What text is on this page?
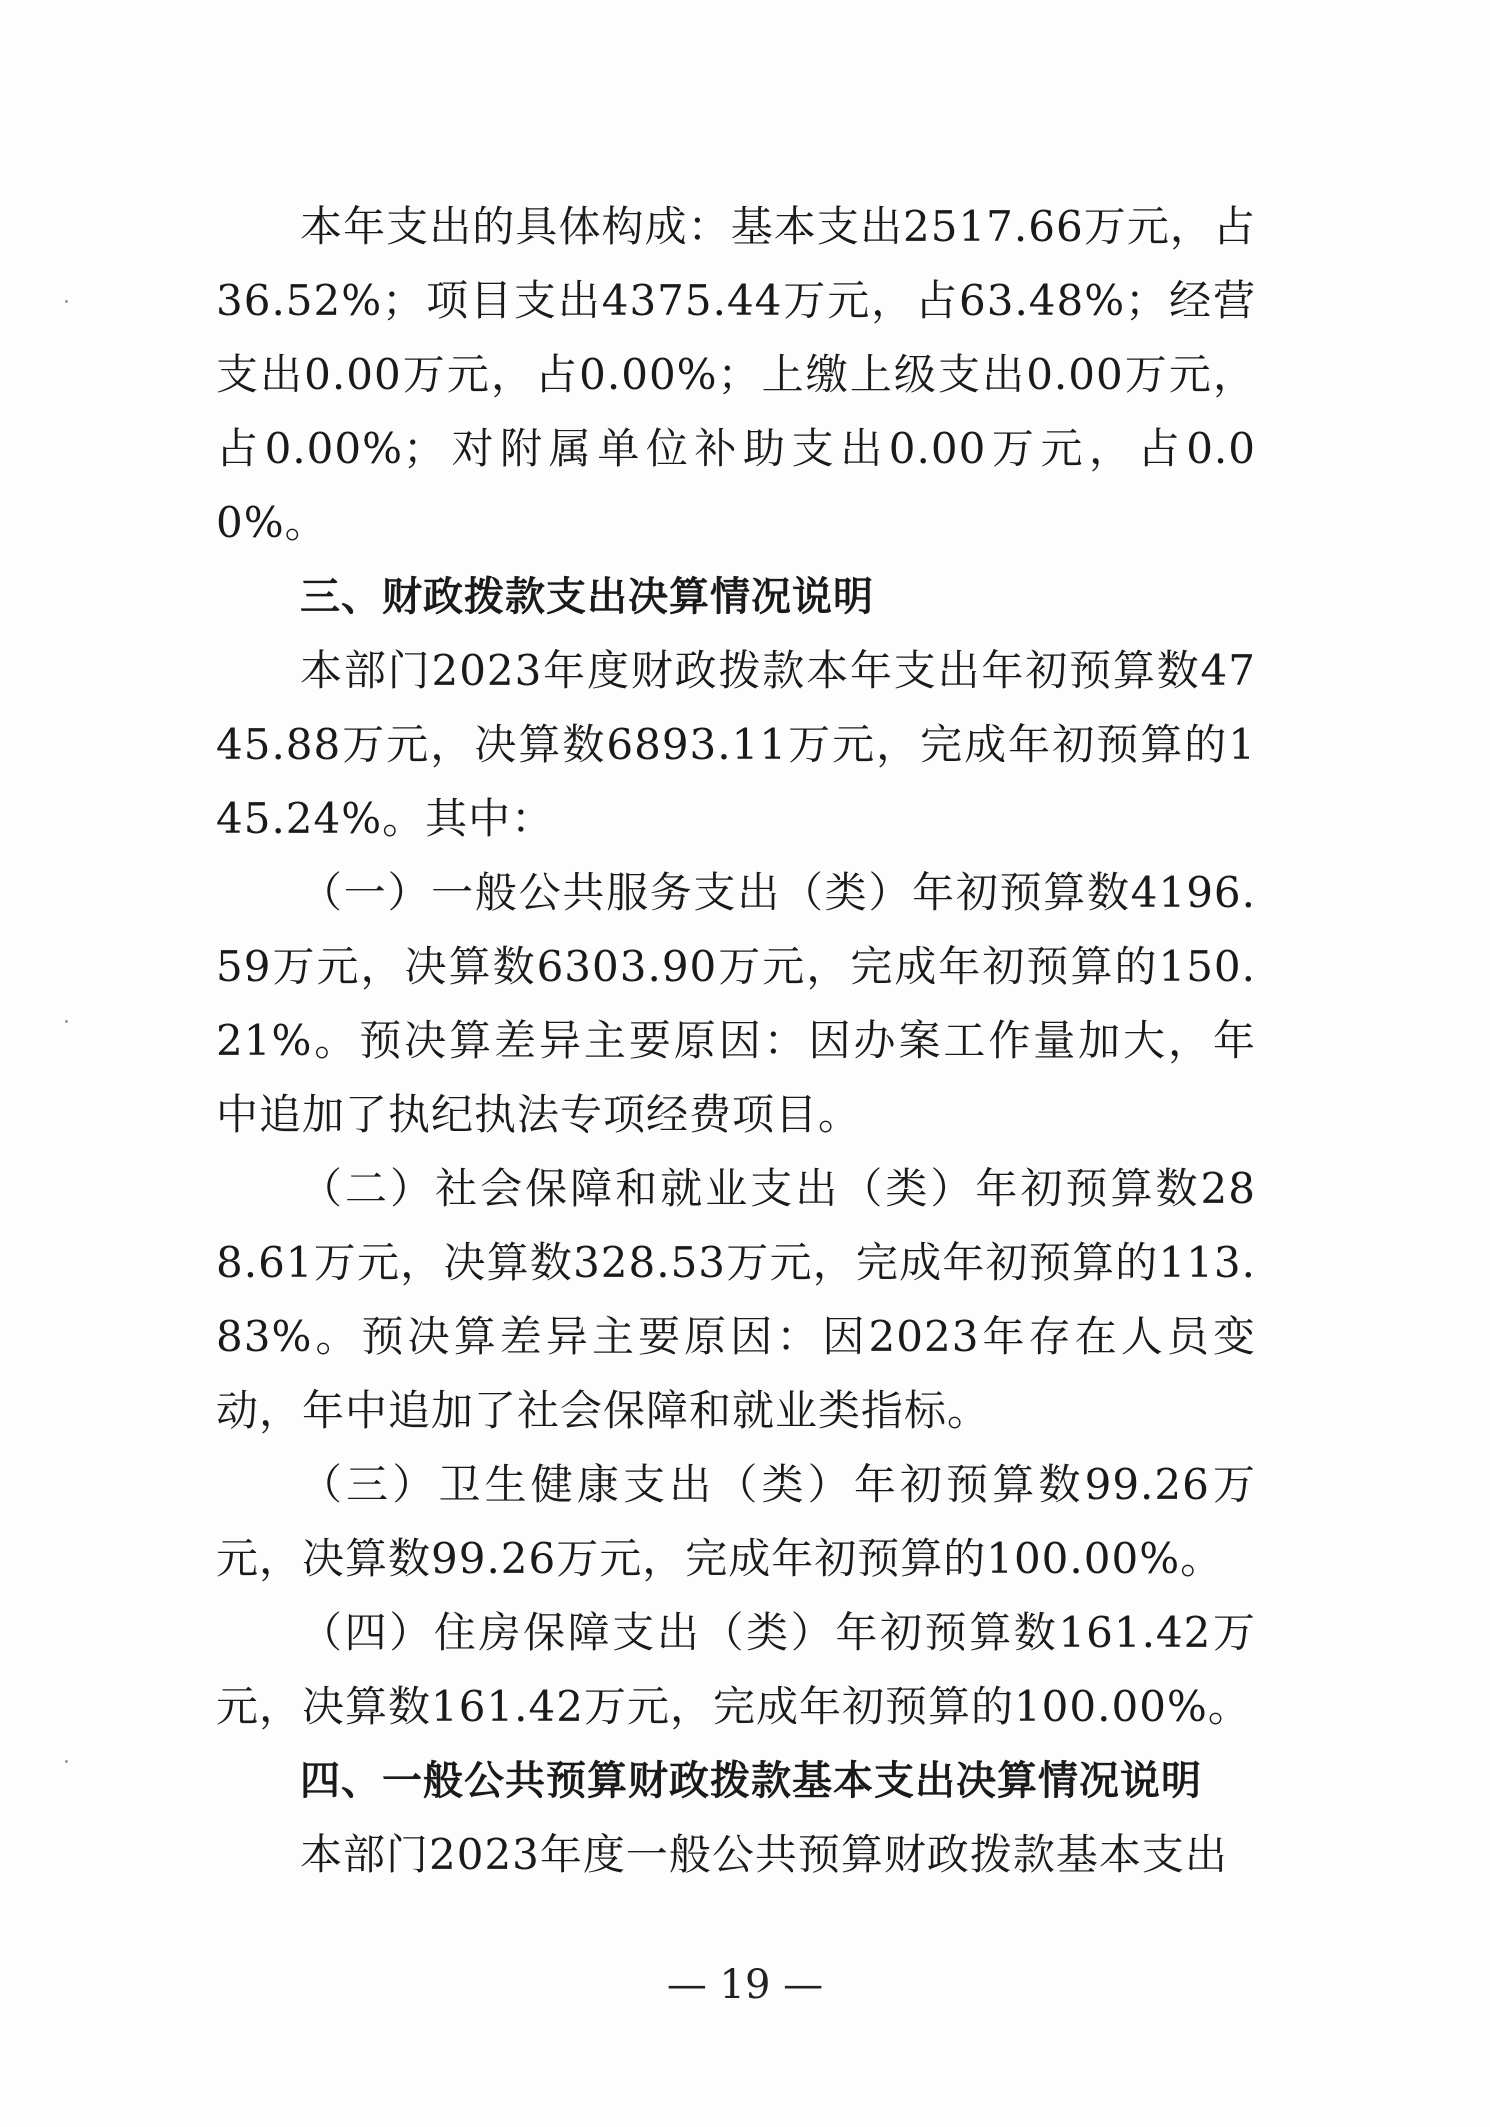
本年支出的具体构成：基本支出2517.66万元，占36.52%；项目支出4375.44万元，占63.48%；经营支出0.00万元，占0.00%；上缴上级支出0.00万元，占0.00%；对附属单位补助支出0.00万元，占0.00%。

三、财政拨款支出决算情况说明

本部门2023年度财政拨款本年支出年初预算数4745.88万元，决算数6893.11万元，完成年初预算的145.24%。其中：

（一）一般公共服务支出（类）年初预算数4196.59万元，决算数6303.90万元，完成年初预算的150.21%。预决算差异主要原因：因办案工作量加大，年中追加了执纪执法专项经费项目。

（二）社会保障和就业支出（类）年初预算数288.61万元，决算数328.53万元，完成年初预算的113.83%。预决算差异主要原因：因2023年存在人员变动，年中追加了社会保障和就业类指标。

（三）卫生健康支出（类）年初预算数99.26万元，决算数99.26万元，完成年初预算的100.00%。

（四）住房保障支出（类）年初预算数161.42万元，决算数161.42万元，完成年初预算的100.00%。

四、一般公共预算财政拨款基本支出决算情况说明

本部门2023年度一般公共预算财政拨款基本支出

— 19 —
